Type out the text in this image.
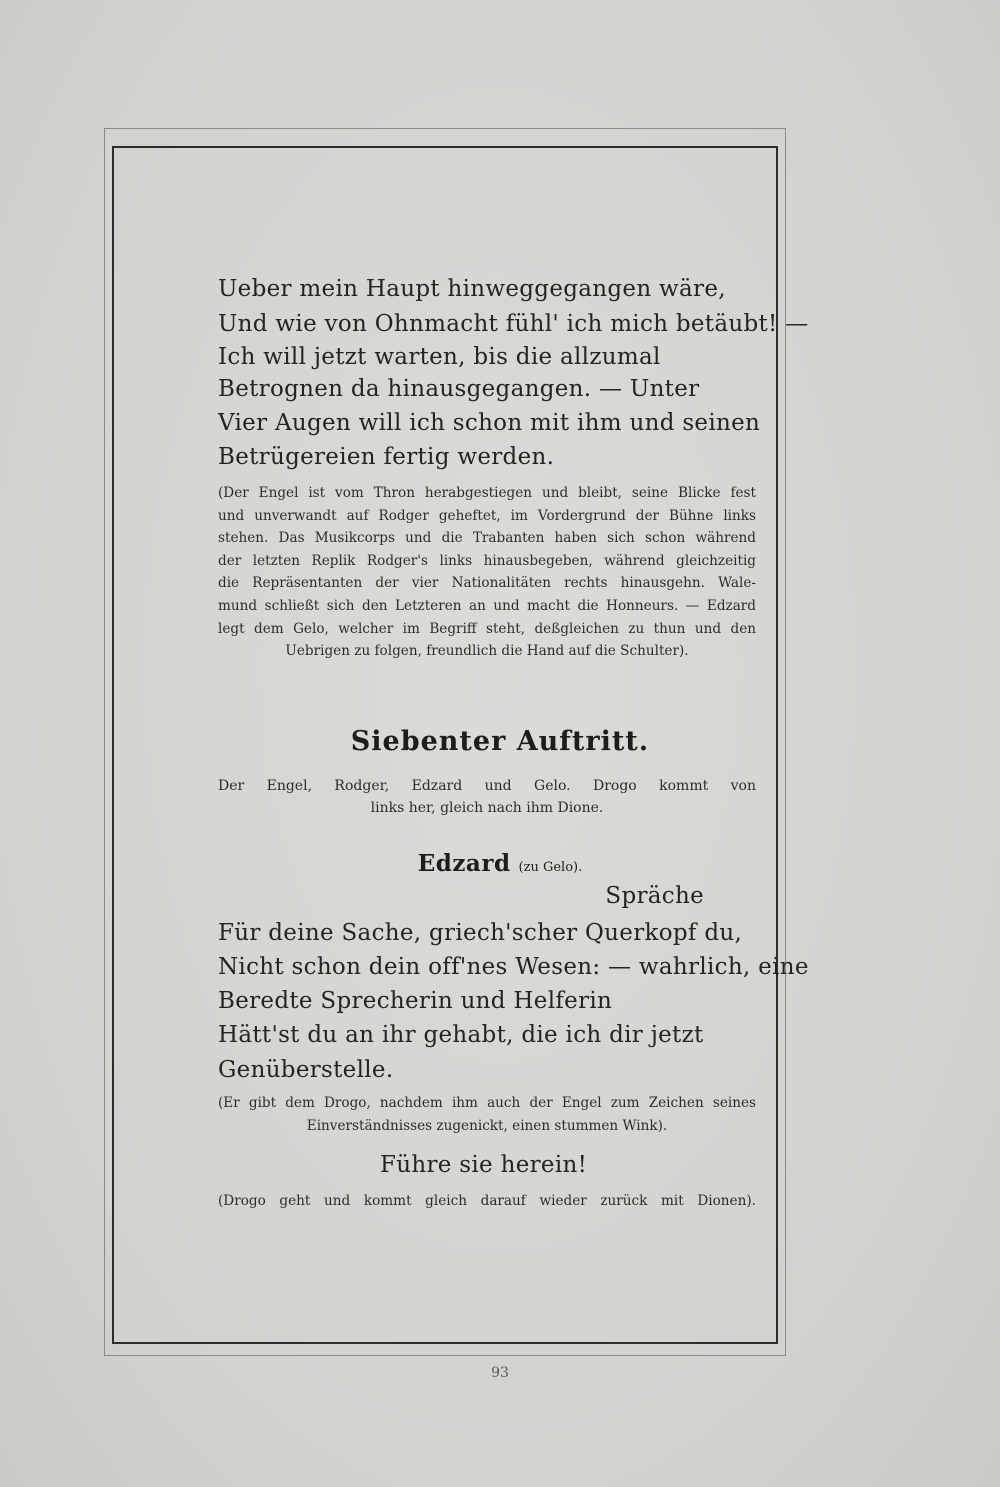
Ueber mein Haupt hinweggegangen wäre,
Und wie von Ohnmacht fühl' ich mich betäubt! —
Ich will jetzt warten, bis die allzumal
Betrognen da hinausgegangen. — Unter
Vier Augen will ich schon mit ihm und seinen
Betrügereien fertig werden.
(Der Engel ist vom Thron herabgestiegen und bleibt, seine Blicke fest
und unverwandt auf Rodger geheftet, im Vordergrund der Bühne links
stehen. Das Musikcorps und die Trabanten haben sich schon während
der letzten Replik Rodger's links hinausbegeben, während gleichzeitig
die Repräsentanten der vier Nationalitäten rechts hinausgehn. Wale-
mund schließt sich den Letzteren an und macht die Honneurs. — Edzard
legt dem Gelo, welcher im Begriff steht, deßgleichen zu thun und den
Uebrigen zu folgen, freundlich die Hand auf die Schulter).
Siebenter Auftritt.
Der Engel, Rodger, Edzard und Gelo. Drogo kommt von
links her, gleich nach ihm Dione.
Edzard (zu Gelo).
Spräche
Für deine Sache, griech'scher Querkopf du,
Nicht schon dein off'nes Wesen: — wahrlich, eine
Beredte Sprecherin und Helferin
Hätt'st du an ihr gehabt, die ich dir jetzt
Genüberstelle.
(Er gibt dem Drogo, nachdem ihm auch der Engel zum Zeichen seines
Einverständnisses zugenickt, einen stummen Wink).
Führe sie herein!
(Drogo geht und kommt gleich darauf wieder zurück mit Dionen).
93
